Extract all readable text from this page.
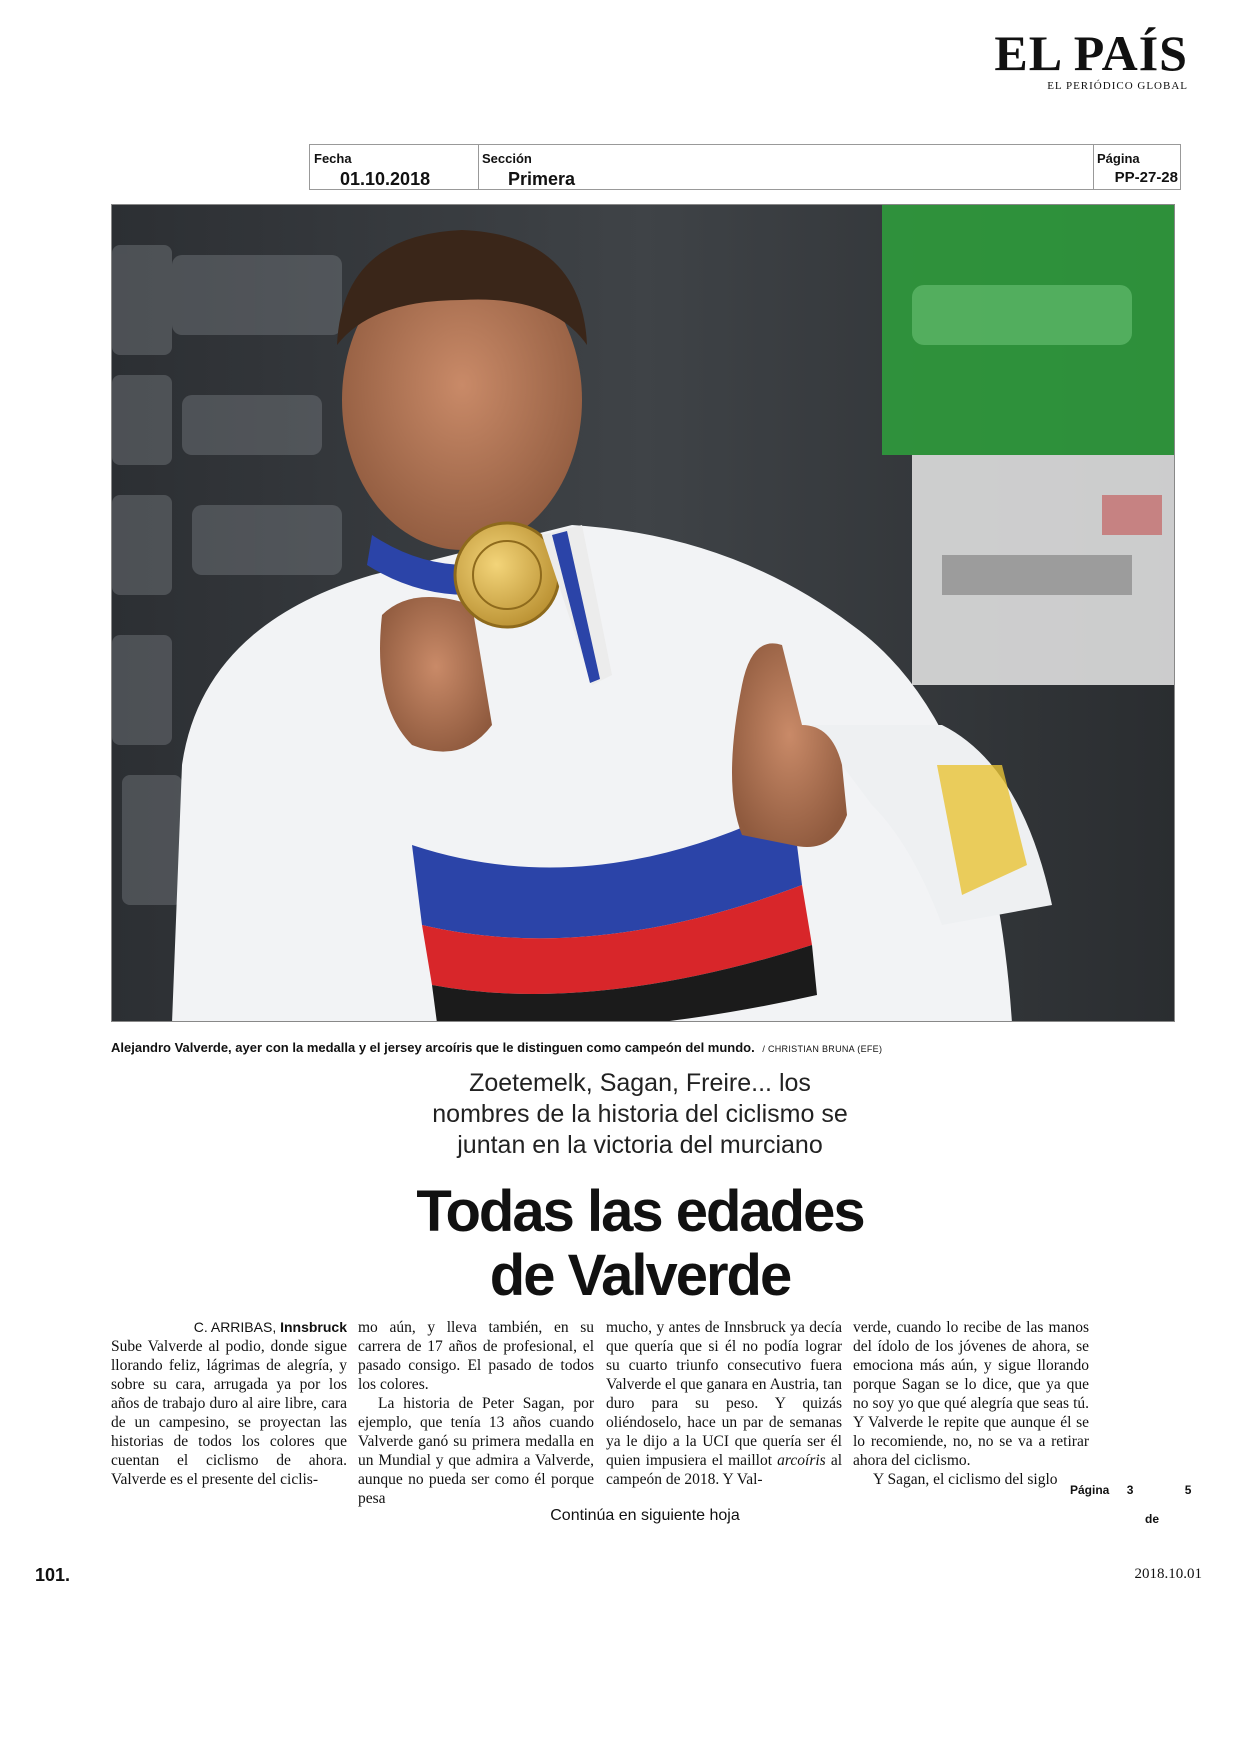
EL PAÍS
EL PERIÓDICO GLOBAL
Fecha
01.10.2018
Sección
Primera
Página
PP-27-28
Alejandro Valverde, ayer con la medalla y el jersey arcoíris que le distinguen como campeón del mundo. / CHRISTIAN BRUNA (EFE)
Zoetemelk, Sagan, Freire... los
nombres de la historia del ciclismo se
juntan en la victoria del murciano
Todas las edades
de Valverde

C. ARRIBAS, Innsbruck

Sube Valverde al podio, donde sigue llorando feliz, lágrimas de alegría, y sobre su cara, arrugada ya por los años de trabajo duro al aire libre, cara de un campesino, se proyectan las historias de todos los colores que cuentan el ciclismo de ahora. Valverde es el presente del ciclis-

mo aún, y lleva también, en su carrera de 17 años de profesional, el pasado consigo. El pasado de todos los colores.

La historia de Peter Sagan, por ejemplo, que tenía 13 años cuando Valverde ganó su primera medalla en un Mundial y que admira a Valverde, aunque no pueda ser como él porque pesa

mucho, y antes de Innsbruck ya decía que quería que si él no podía lograr su cuarto triunfo consecutivo fuera Valverde el que ganara en Austria, tan duro para su peso. Y quizás oliéndoselo, hace un par de semanas ya le dijo a la UCI que quería ser él quien impusiera el maillot arcoíris al campeón de 2018. Y Val-

verde, cuando lo recibe de las manos del ídolo de los jóvenes de ahora, se emociona más aún, y sigue llorando porque Sagan se lo dice, que ya que no soy yo que qué alegría que seas tú. Y Valverde le repite que aunque él se lo recomiende, no, no se va a retirar ahora del ciclismo.

Y Sagan, el ciclismo del siglo

Página 3	5
de
Continúa en siguiente hoja
101.	2018.10.01
